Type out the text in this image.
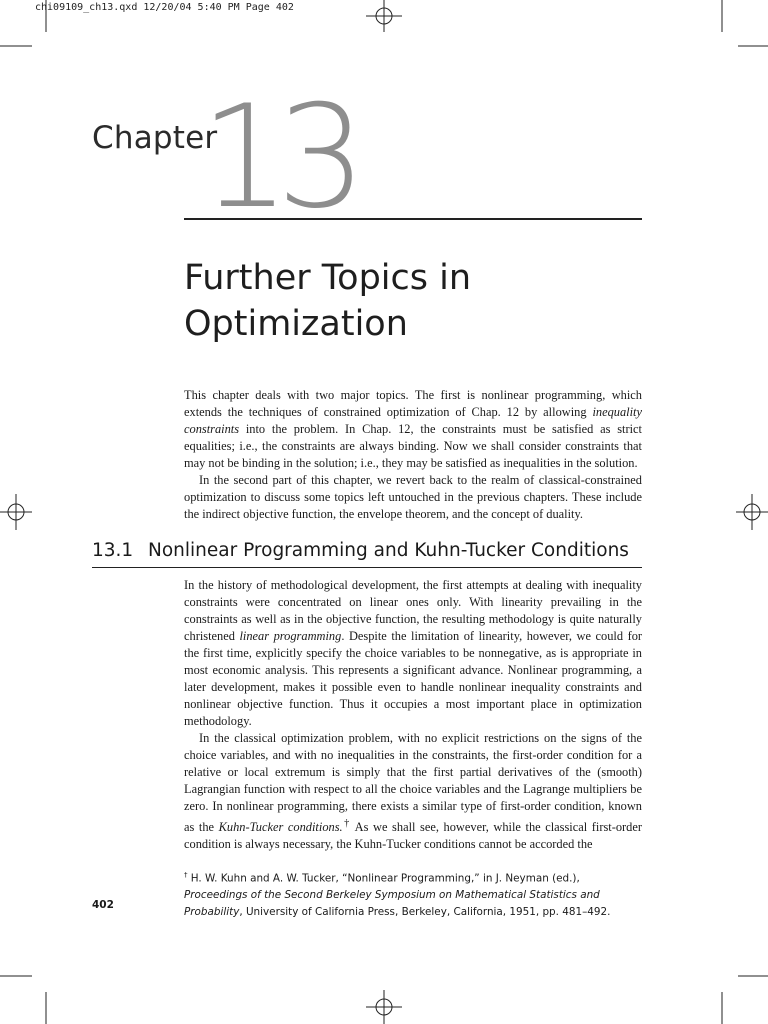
chi09109_ch13.qxd 12/20/04 5:40 PM Page 402
Chapter
13
Further Topics in
Optimization

This chapter deals with two major topics. The first is nonlinear programming, which extends the techniques of constrained optimization of Chap. 12 by allowing inequality constraints into the problem. In Chap. 12, the constraints must be satisfied as strict equalities; i.e., the constraints are always binding. Now we shall consider constraints that may not be binding in the solution; i.e., they may be satisfied as inequalities in the solution.

In the second part of this chapter, we revert back to the realm of classical-constrained optimization to discuss some topics left untouched in the previous chapters. These include the indirect objective function, the envelope theorem, and the concept of duality.

13.1 Nonlinear Programming and Kuhn-Tucker Conditions

In the history of methodological development, the first attempts at dealing with inequality constraints were concentrated on linear ones only. With linearity prevailing in the constraints as well as in the objective function, the resulting methodology is quite naturally christened linear programming. Despite the limitation of linearity, however, we could for the first time, explicitly specify the choice variables to be nonnegative, as is appropriate in most economic analysis. This represents a significant advance. Nonlinear programming, a later development, makes it possible even to handle nonlinear inequality constraints and nonlinear objective function. Thus it occupies a most important place in optimization methodology.

In the classical optimization problem, with no explicit restrictions on the signs of the choice variables, and with no inequalities in the constraints, the first-order condition for a relative or local extremum is simply that the first partial derivatives of the (smooth) Lagrangian function with respect to all the choice variables and the Lagrange multipliers be zero. In nonlinear programming, there exists a similar type of first-order condition, known as the Kuhn-Tucker conditions.† As we shall see, however, while the classical first-order condition is always necessary, the Kuhn-Tucker conditions cannot be accorded the

† H. W. Kuhn and A. W. Tucker, “Nonlinear Programming,” in J. Neyman (ed.), Proceedings of the Second Berkeley Symposium on Mathematical Statistics and Probability, University of California Press, Berkeley, California, 1951, pp. 481–492.

402
